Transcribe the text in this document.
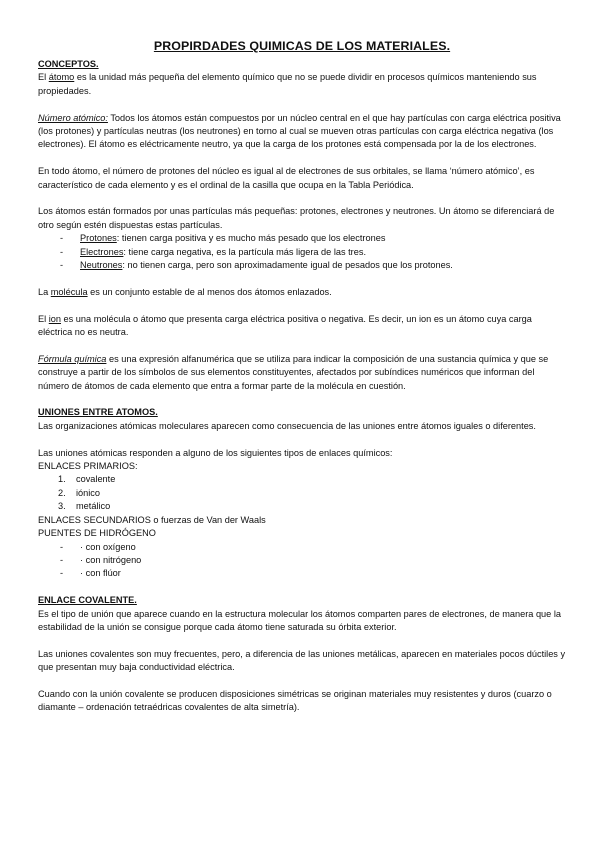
PROPIRDADES QUIMICAS DE LOS MATERIALES.

CONCEPTOS.

El átomo es la unidad más pequeña del elemento químico que no se puede dividir en procesos químicos manteniendo sus propiedades.

Número atómico: Todos los átomos están compuestos por un núcleo central en el que hay partículas con carga eléctrica positiva (los protones) y partículas neutras (los neutrones) en torno al cual se mueven otras partículas con carga eléctrica negativa (los electrones). El átomo es eléctricamente neutro, ya que la carga de los protones está compensada por la de los electrones.

En todo átomo, el número de protones del núcleo es igual al de electrones de sus orbitales, se llama ‘número atómico’, es característico de cada elemento y es el ordinal de la casilla que ocupa en la Tabla Periódica.

Los átomos están formados por unas partículas más pequeñas: protones, electrones y neutrones. Un átomo se diferenciará de otro según estén dispuestas estas partículas.

- Protones: tienen carga positiva y es mucho más pesado que los electrones
- Electrones: tiene carga negativa, es la partícula más ligera de las tres.
- Neutrones: no tienen carga, pero son aproximadamente igual de pesados que los protones.

La molécula es un conjunto estable de al menos dos átomos enlazados.

El ion es una molécula o átomo que presenta carga eléctrica positiva o negativa. Es decir, un ion es un átomo cuya carga eléctrica no es neutra.

Fórmula química es una expresión alfanumérica que se utiliza para indicar la composición de una sustancia química y que se construye a partir de los símbolos de sus elementos constituyentes, afectados por subíndices numéricos que informan del número de átomos de cada elemento que entra a formar parte de la molécula en cuestión.

UNIONES ENTRE ATOMOS.

Las organizaciones atómicas moleculares aparecen como consecuencia de las uniones entre átomos iguales o diferentes.

Las uniones atómicas responden a alguno de los siguientes tipos de enlaces químicos:

ENLACES PRIMARIOS:

1. covalente
2. iónico
3. metálico

ENLACES SECUNDARIOS o fuerzas de Van der Waals

PUENTES DE HIDRÓGENO

- · con oxígeno
- · con nitrógeno
- · con flúor

ENLACE COVALENTE.

Es el tipo de unión que aparece cuando en la estructura molecular los átomos comparten pares de electrones, de manera que la estabilidad de la unión se consigue porque cada átomo tiene saturada su órbita exterior.

Las uniones covalentes son muy frecuentes, pero, a diferencia de las uniones metálicas, aparecen en materiales pocos dúctiles y que presentan muy baja conductividad eléctrica.

Cuando con la unión covalente se producen disposiciones simétricas se originan materiales muy resistentes y duros (cuarzo o diamante – ordenación tetraédricas covalentes de alta simetría).
